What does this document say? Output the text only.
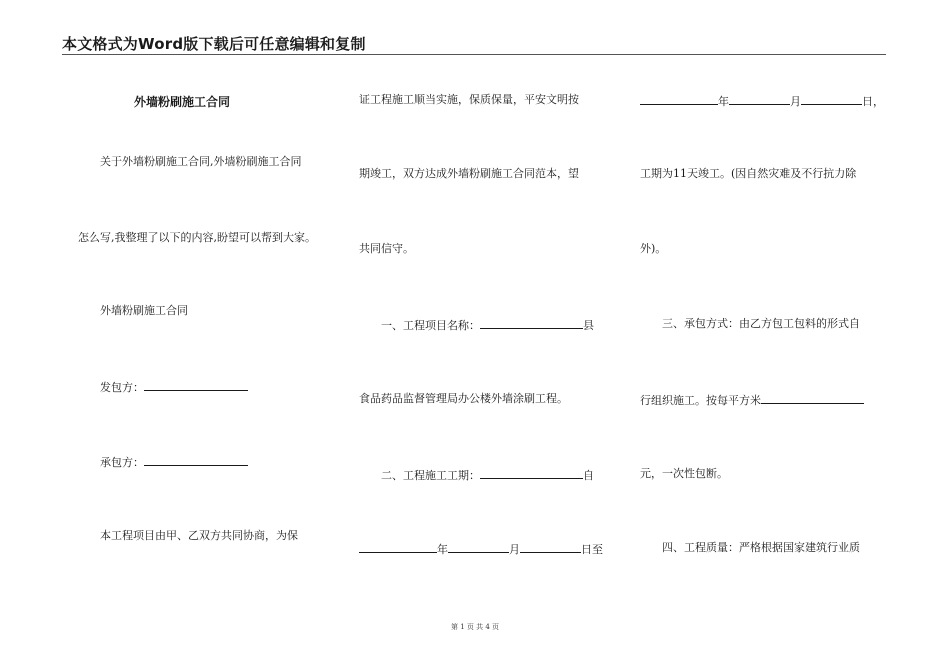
本文格式为Word版下载后可任意编辑和复制
外墙粉刷施工合同
关于外墙粉刷施工合同,外墙粉刷施工合同
怎么写,我整理了以下的内容,盼望可以帮到大家。
外墙粉刷施工合同
发包方：
承包方：
本工程项目由甲、乙双方共同协商，为保
证工程施工顺当实施，保质保量，平安文明按
期竣工，双方达成外墙粉刷施工合同范本，望
共同信守。
一、工程项目名称：	县
食品药品监督管理局办公楼外墙涂刷工程。
二、工程施工工期：	自
年	月	日至
年	月	日，
工期为11天竣工。(因自然灾难及不行抗力除
外)。
三、承包方式：由乙方包工包料的形式自
行组织施工。按每平方米
元，一次性包断。
四、工程质量：严格根据国家建筑行业质
第 1 页 共 4 页
